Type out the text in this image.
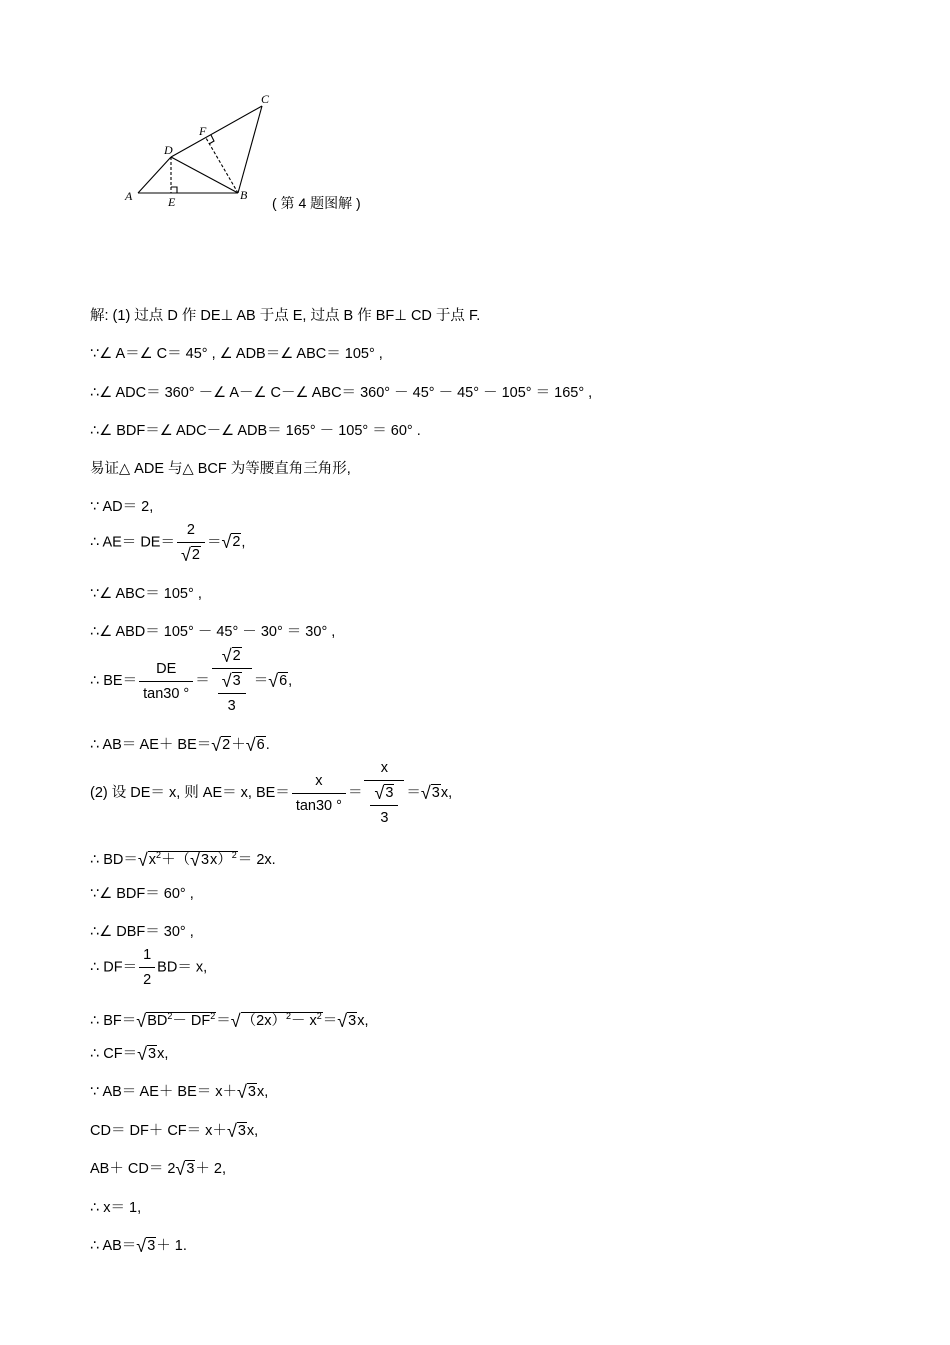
A	B
C
D
E
F
( 第 4 题图解 )
解: (1) 过点 D 作 DE⊥ AB 于点 E, 过点 B 作 BF⊥ CD 于点 F.
∵∠ A＝∠ C＝ 45° , ∠ ADB＝∠ ABC＝ 105° ,
∴∠ ADC＝ 360° －∠ A－∠ C－∠ ABC＝ 360° － 45° － 45° － 105° ＝ 165° ,
∴∠ BDF＝∠ ADC－∠ ADB＝ 165° － 105° ＝ 60° .
易证△ ADE 与△ BCF 为等腰直角三角形,
∵ AD＝ 2,
∴ $AE= DE= \frac{2}{√2} =√2$,
∵∠ ABC＝ 105° ,
∴∠ ABD＝ 105° － 45° － 30° ＝ 30° ,
∴ $BE= \frac{DE}{\tan 30 ^\circ} = \frac{√2}{\frac{√3}{3}} =√6$,
∴ AB＝ AE＋ BE＝√2＋√6.
(2) 设 DE＝ x, 则 AE＝ x, $BE= \frac{x}{\tan 30 ^\circ} = \frac{x}{\frac{√3}{3}} =√3x$,
∴ $BD=√x^2+(√3x)^2= 2x$.
∵∠ BDF＝ 60° ,
∴∠ DBF＝ 30° ,
∴ $DF= \frac{1}{2} BD= x$,
∴ $BF=√BD^2- DF^2=√(2x)^2- x^2=√3x$,
∴ CF＝√3x,
∵ AB＝ AE＋ BE＝ x＋√3x,
CD＝ DF＋ CF＝ x＋√3x,
AB＋ CD＝ 2√3＋ 2,
∴ x＝ 1,
∴ AB＝√3＋ 1.
